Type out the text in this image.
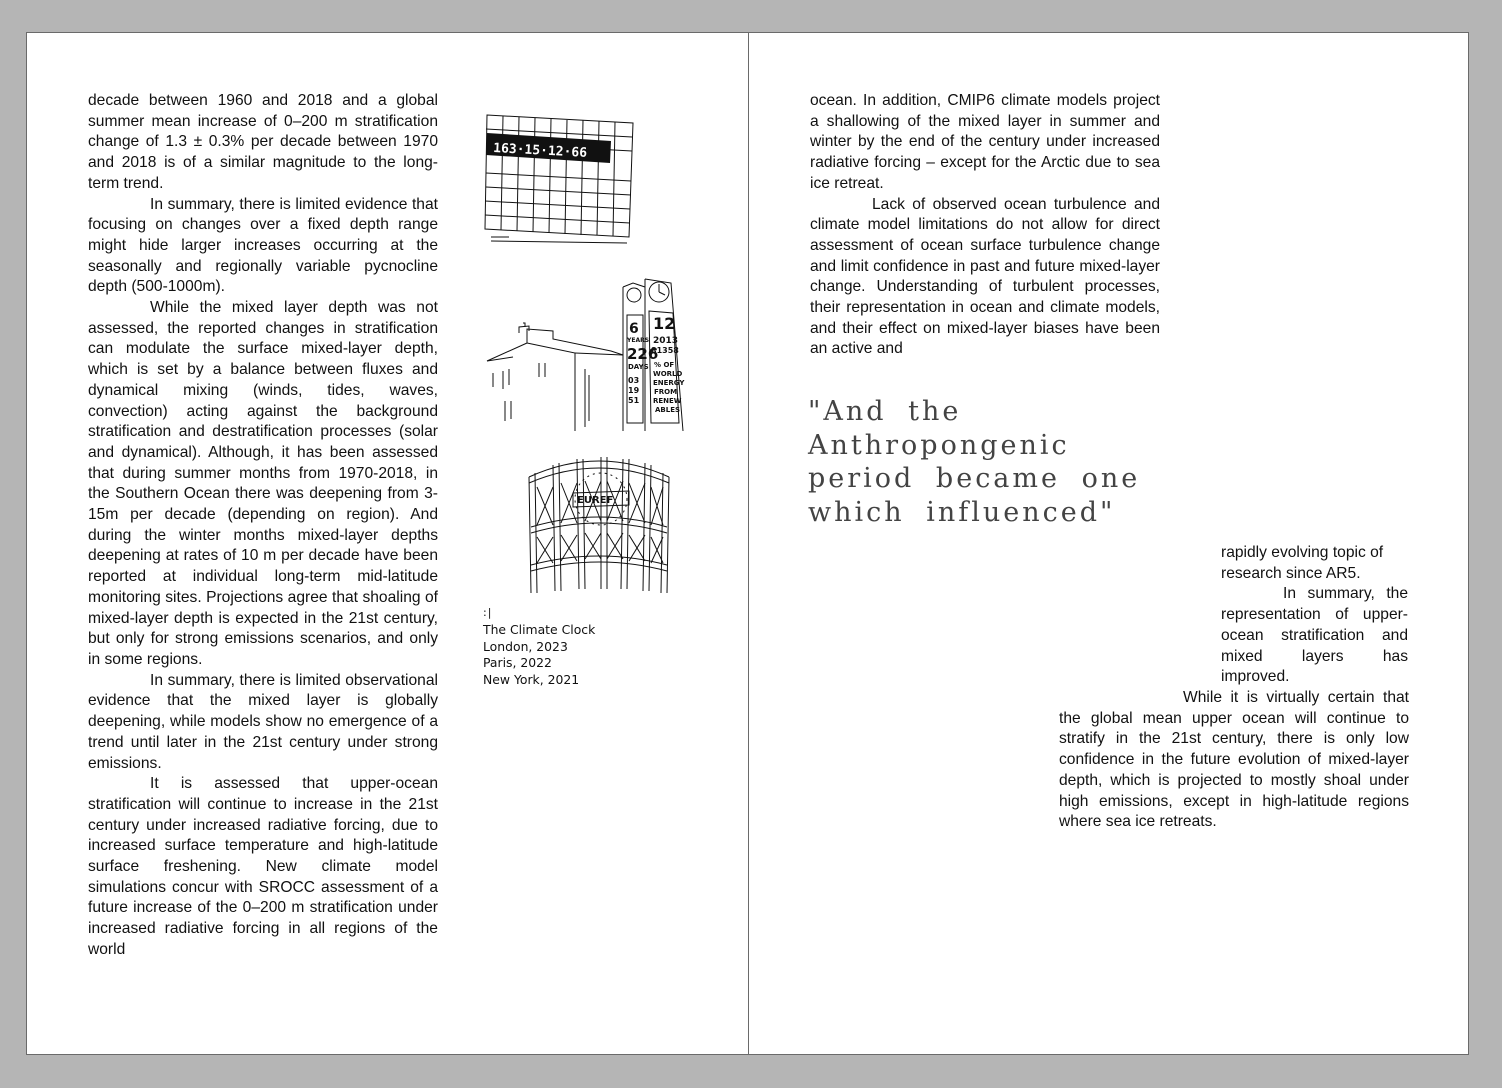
decade between 1960 and 2018 and a global summer mean increase of 0–200 m stratification change of 1.3 ± 0.3% per decade between 1970 and 2018 is of a similar magnitude to the long-term trend.

In summary, there is limited evidence that focusing on changes over a fixed depth range might hide larger increases occurring at the seasonally and regionally variable pycnocline depth (500-1000m).

While the mixed layer depth was not assessed, the reported changes in stratification can modulate the surface mixed-layer depth, which is set by a balance between fluxes and dynamical mixing (winds, tides, waves, convection) acting against the background stratification and destratification processes (solar and dynamical). Although, it has been assessed that during summer months from 1970-2018, in the Southern Ocean there was deepening from 3-15m per decade (depending on region). And during the winter months mixed-layer depths deepening at rates of 10 m per decade have been reported at individual long-term mid-latitude monitoring sites. Projections agree that shoaling of mixed-layer depth is expected in the 21st century, but only for strong emissions scenarios, and only in some regions.

In summary, there is limited observational evidence that the mixed layer is globally deepening, while models show no emergence of a trend until later in the 21st century under strong emissions.

It is assessed that upper-ocean stratification will continue to increase in the 21st century under increased radiative forcing, due to increased surface temperature and high-latitude surface freshening. New climate model simulations concur with SROCC assessment of a future increase of the 0–200 m stratification under increased radiative forcing in all regions of the world

163·15·12·66
6
YEARS
226
DAYS
03
19
51
12
2013
81358
% OF
WORLD
ENERGY
FROM
RENEW
ABLES
EUREF
:|
The Climate Clock
London, 2023
Paris, 2022
New York, 2021

ocean. In addition, CMIP6 climate models project a shallowing of the mixed layer in summer and winter by the end of the century under increased radiative forcing – except for the Arctic due to sea ice retreat.

Lack of observed ocean turbulence and climate model limitations do not allow for direct assessment of ocean surface turbulence change and limit confidence in past and future mixed-layer change. Understanding of turbulent processes, their representation in ocean and climate models, and their effect on mixed-layer biases have been an active and

"And the
Anthropongenic
period became one
which influenced"

rapidly evolving topic of research since AR5.

In summary, the representation of upper-ocean stratification and mixed layers has improved.

While it is virtually certain that the global mean upper ocean will continue to stratify in the 21st century, there is only low confidence in the future evolution of mixed-layer depth, which is projected to mostly shoal under high emissions, except in high-latitude regions where sea ice retreats.
